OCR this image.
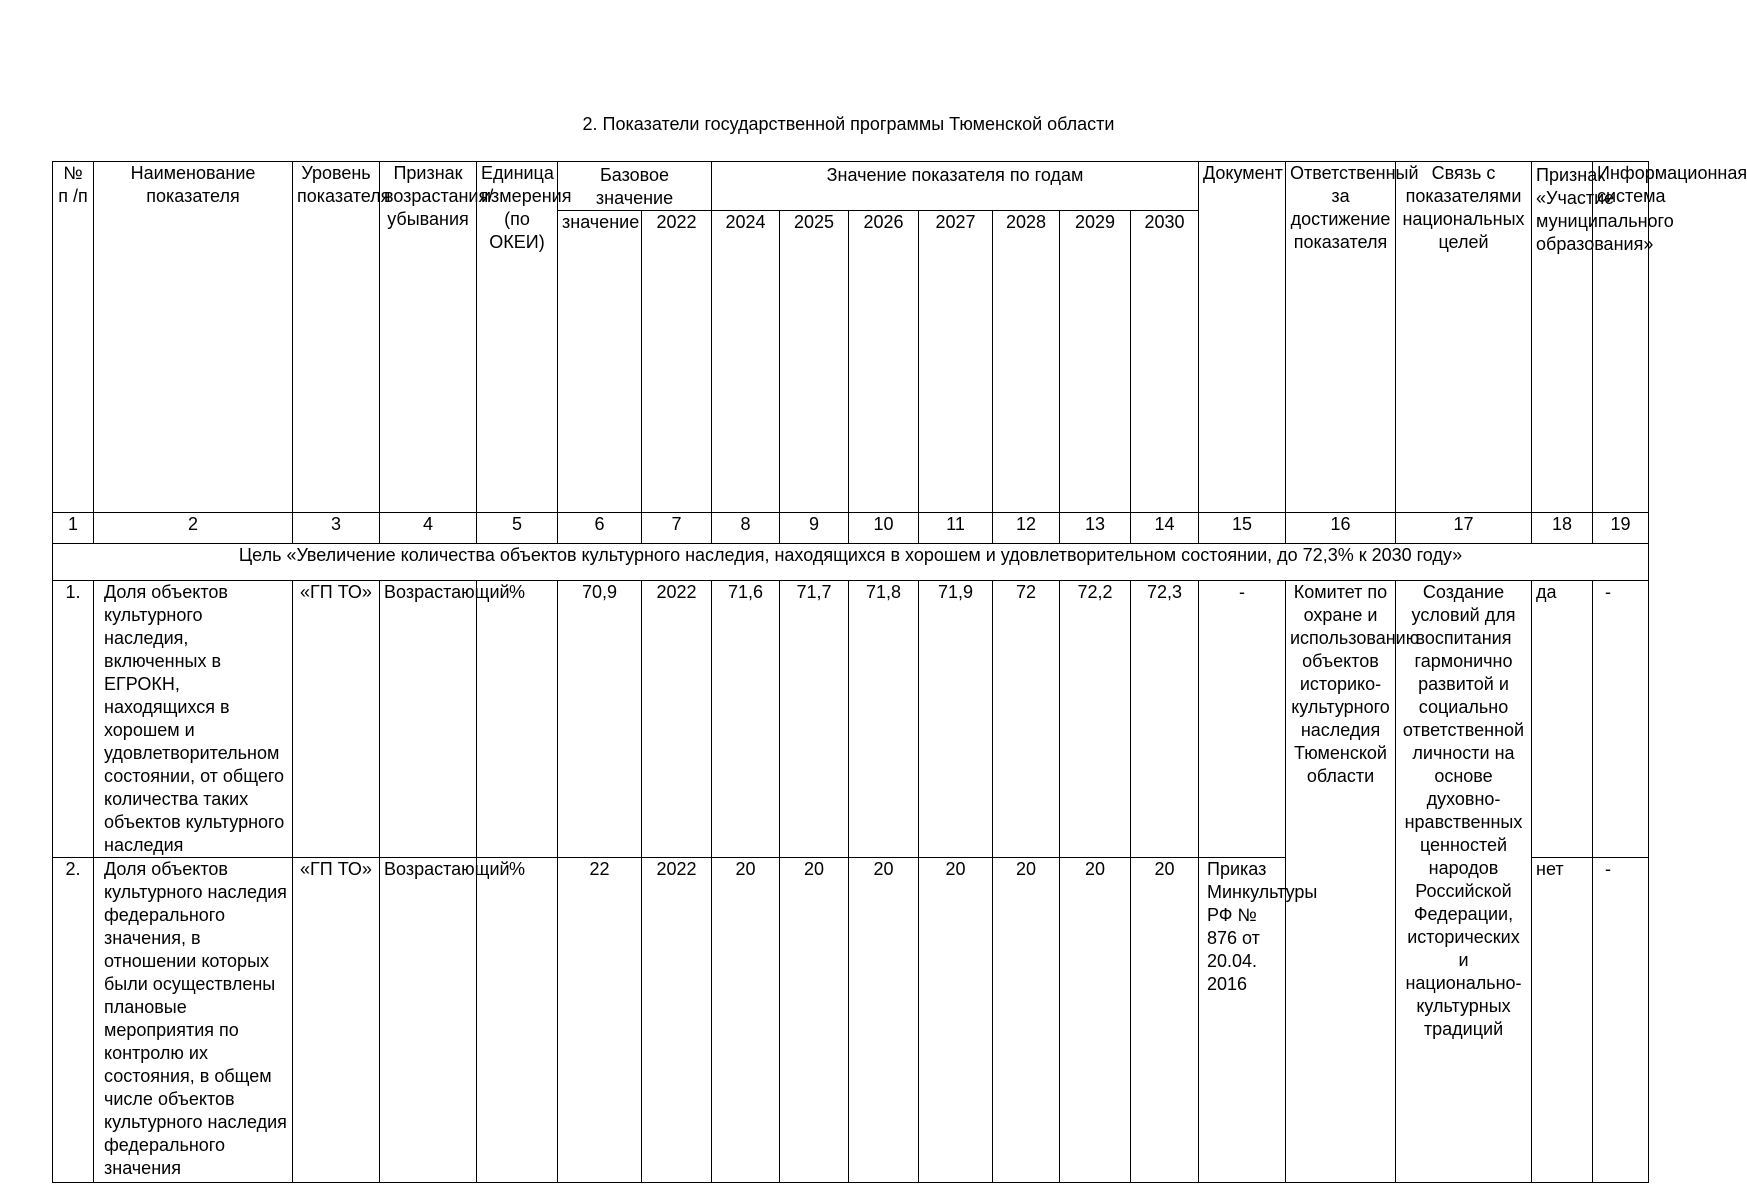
2. Показатели государственной программы Тюменской области
№ п /п	Наименование показателя	Уровень показателя	Признак возрастания/ убывания	Единица измерения (по ОКЕИ)	Базовое значение		Значение показателя по годам							Документ	Ответственный за достижение показателя	Связь с показателями национальных целей	Признак «Участие муниципального образования»	Информационная система
					значение	2022	2024	2025	2026	2027	2028	2029	2030					
1	2	3	4	5	6	7	8	9	10	11	12	13	14	15	16	17	18	19
Цель «Увеличение количества объектов культурного наследия, находящихся в хорошем и удовлетворительном состоянии, до 72,3% к 2030 году»																		
1.	Доля объектов культурного наследия, включенных в ЕГРОКН, находящихся в хорошем и удовлетворительном состоянии, от общего количества таких объектов культурного наследия	«ГП ТО»	Возрастающий	%	70,9	2022	71,6	71,7	71,8	71,9	72	72,2	72,3	-	Комитет по охране и использованию объектов историко-культурного наследия Тюменской области	Создание условий для воспитания гармонично развитой и социально ответственной личности на основе духовно-нравственных ценностей народов Российской Федерации, исторических и национально-культурных традиций	да	-
2.	Доля объектов культурного наследия федерального значения, в отношении которых были осуществлены плановые мероприятия по контролю их состояния, в общем числе объектов культурного наследия федерального значения	«ГП ТО»	Возрастающий	%	22	2022	20	20	20	20	20	20	20	Приказ Минкультуры РФ № 876 от 20.04. 2016			нет	-
